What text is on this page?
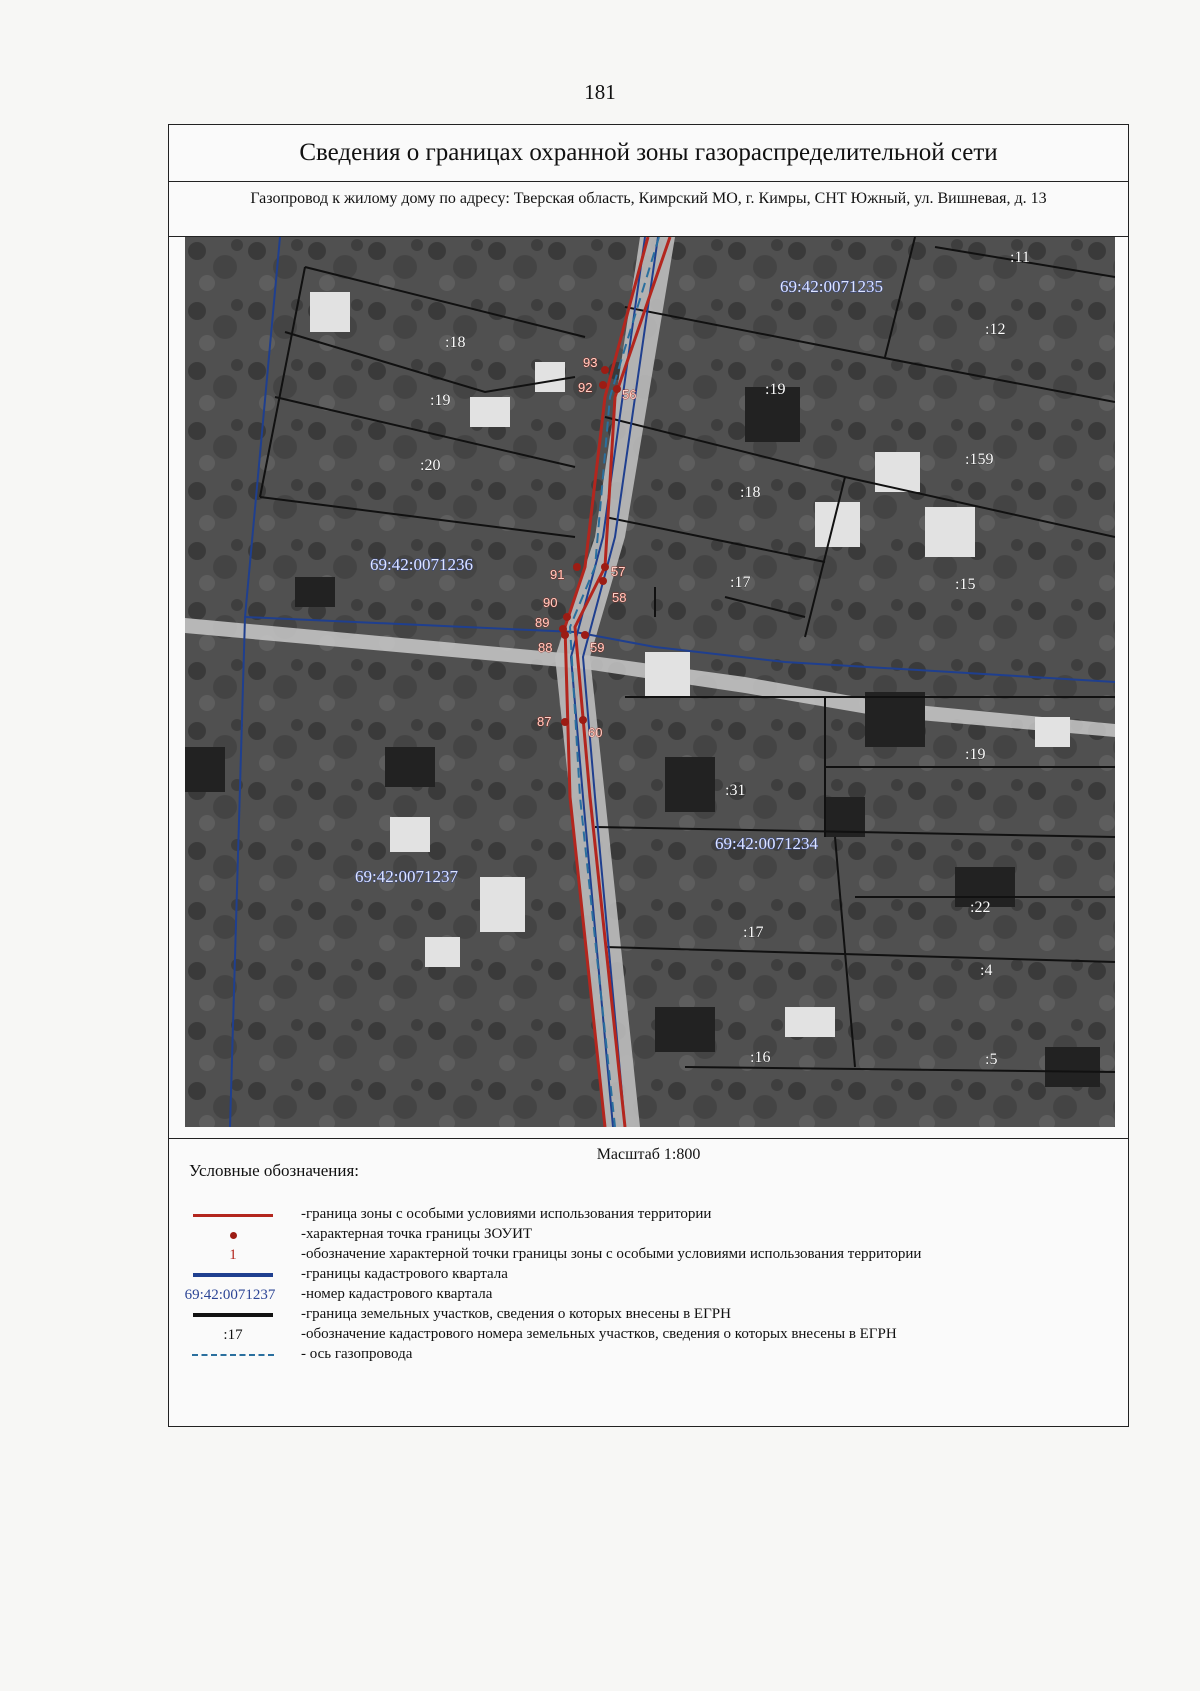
181
Сведения о границах охранной зоны газораспределительной сети
Газопровод к жилому дому по адресу: Тверская область, Кимрский МО, г. Кимры, СНТ Южный, ул. Вишневая, д. 13
93
92 56
91	57
90
89
58
88	59
87
60
69:42:0071235
69:42:0071236
69:42:0071237
69:42:0071234
:11
:12
:18
:19
:19
:159
:20
:18
:17	:15
:19
:31
:17
:22
:4
:16	:5
Масштаб 1:800
Условные обозначения:
-граница зоны с особыми условиями использования территории
-характерная точка границы ЗОУИТ
1	-обозначение характерной точки границы зоны с особыми условиями использования территории
-границы кадастрового квартала
69:42:0071237 -номер кадастрового квартала
-граница земельных участков, сведения о которых внесены в ЕГРН
:17	-обозначение кадастрового номера земельных участков, сведения о которых внесены в ЕГРН
- ось газопровода
